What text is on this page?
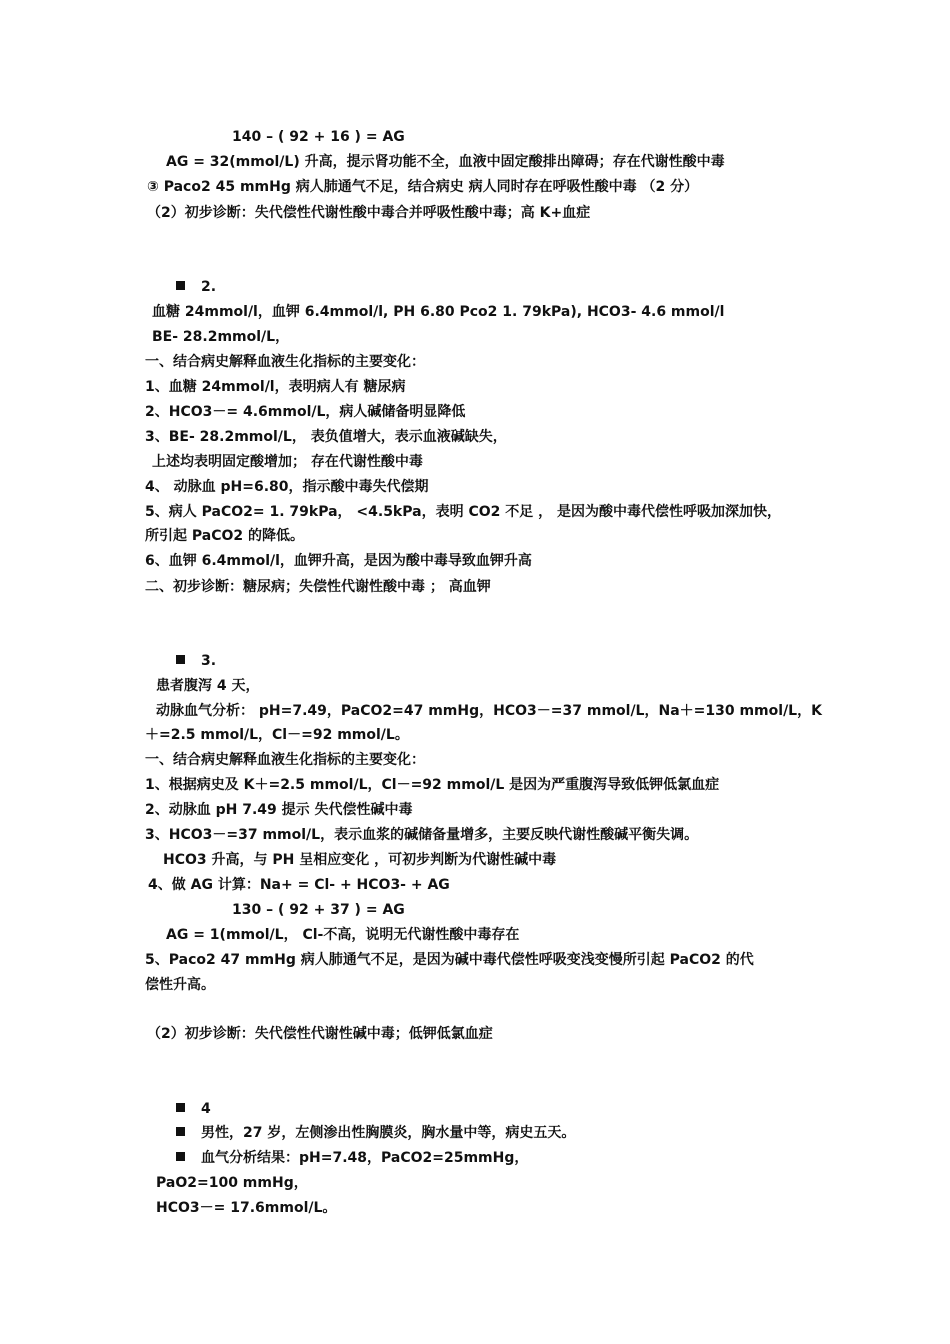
140 – ( 92 + 16 ) = AG
AG = 32(mmol/L) 升高，提示肾功能不全，血液中固定酸排出障碍；存在代谢性酸中毒
③ Paco2 45 mmHg 病人肺通气不足，结合病史 病人同时存在呼吸性酸中毒 （2 分）
（2）初步诊断：失代偿性代谢性酸中毒合并呼吸性酸中毒；高 K+血症
2.
血糖 24mmol/l，血钾 6.4mmol/l, PH 6.80 Pco2 1. 79kPa), HCO3- 4.6 mmol/l
BE- 28.2mmol/L，
一、结合病史解释血液生化指标的主要变化：
1、血糖 24mmol/l，表明病人有 糖尿病
2、HCO3－= 4.6mmol/L，病人碱储备明显降低
3、BE- 28.2mmol/L， 表负值增大，表示血液碱缺失，
上述均表明固定酸增加； 存在代谢性酸中毒
4、 动脉血 pH=6.80，指示酸中毒失代偿期
5、病人 PaCO2= 1. 79kPa， <4.5kPa，表明 CO2 不足 ， 是因为酸中毒代偿性呼吸加深加快，
所引起 PaCO2 的降低。
6、血钾 6.4mmol/l，血钾升高，是因为酸中毒导致血钾升高
二、初步诊断：糖尿病；失偿性代谢性酸中毒 ； 高血钾
3.
患者腹泻 4 天，
动脉血气分析： pH=7.49，PaCO2=47 mmHg，HCO3－=37 mmol/L，Na＋=130 mmol/L，K
＋=2.5 mmol/L，Cl－=92 mmol/L。
一、结合病史解释血液生化指标的主要变化：
1、根据病史及 K＋=2.5 mmol/L，Cl－=92 mmol/L 是因为严重腹泻导致低钾低氯血症
2、动脉血 pH 7.49 提示 失代偿性碱中毒
3、HCO3－=37 mmol/L，表示血浆的碱储备量增多，主要反映代谢性酸碱平衡失调。
HCO3 升高，与 PH 呈相应变化 ，可初步判断为代谢性碱中毒
4、做 AG 计算：Na+ = Cl- + HCO3- + AG
130 – ( 92 + 37 ) = AG
AG = 1(mmol/L， Cl-不高，说明无代谢性酸中毒存在
5、Paco2 47 mmHg 病人肺通气不足，是因为碱中毒代偿性呼吸变浅变慢所引起 PaCO2 的代
偿性升高。
（2）初步诊断：失代偿性代谢性碱中毒；低钾低氯血症
4
男性，27 岁，左侧渗出性胸膜炎，胸水量中等，病史五天。
血气分析结果：pH=7.48，PaCO2=25mmHg，
PaO2=100 mmHg，
HCO3－= 17.6mmol/L。
